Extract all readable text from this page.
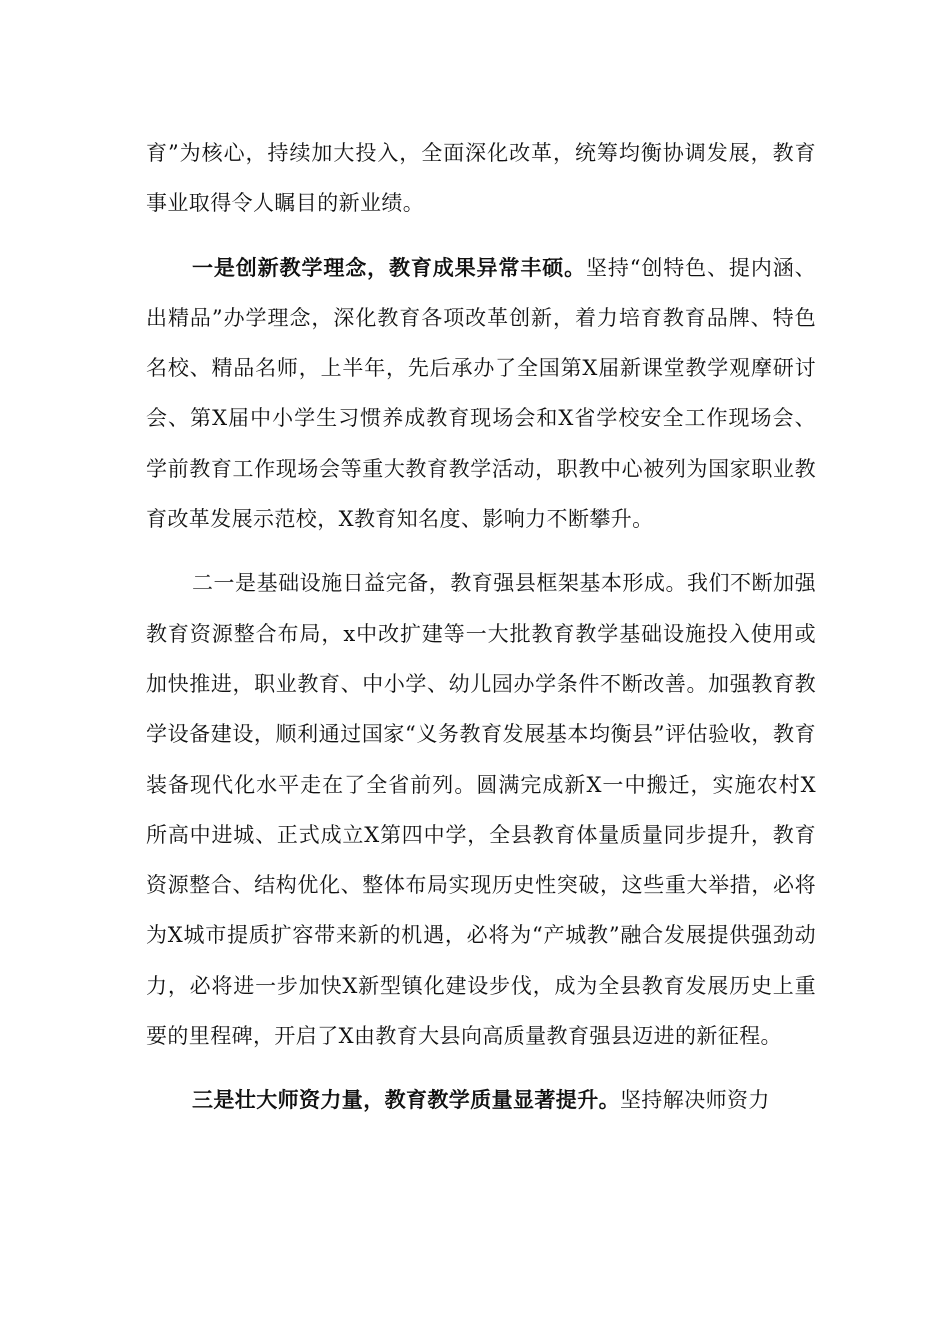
育”为核心，持续加大投入，全面深化改革，统筹均衡协调发展，教育事业取得令人瞩目的新业绩。

一是创新教学理念，教育成果异常丰硕。坚持“创特色、提内涵、出精品”办学理念，深化教育各项改革创新，着力培育教育品牌、特色名校、精品名师，上半年，先后承办了全国第X届新课堂教学观摩研讨会、第X届中小学生习惯养成教育现场会和X省学校安全工作现场会、学前教育工作现场会等重大教育教学活动，职教中心被列为国家职业教育改革发展示范校，X教育知名度、影响力不断攀升。

二一是基础设施日益完备，教育强县框架基本形成。我们不断加强教育资源整合布局，x中改扩建等一大批教育教学基础设施投入使用或加快推进，职业教育、中小学、幼儿园办学条件不断改善。加强教育教学设备建设，顺利通过国家“义务教育发展基本均衡县”评估验收，教育装备现代化水平走在了全省前列。圆满完成新X一中搬迁，实施农村X所高中进城、正式成立X第四中学，全县教育体量质量同步提升，教育资源整合、结构优化、整体布局实现历史性突破，这些重大举措，必将为X城市提质扩容带来新的机遇，必将为“产城教”融合发展提供强劲动力，必将进一步加快X新型镇化建设步伐，成为全县教育发展历史上重要的里程碑，开启了X由教育大县向高质量教育强县迈进的新征程。

三是壮大师资力量，教育教学质量显著提升。坚持解决师资力
